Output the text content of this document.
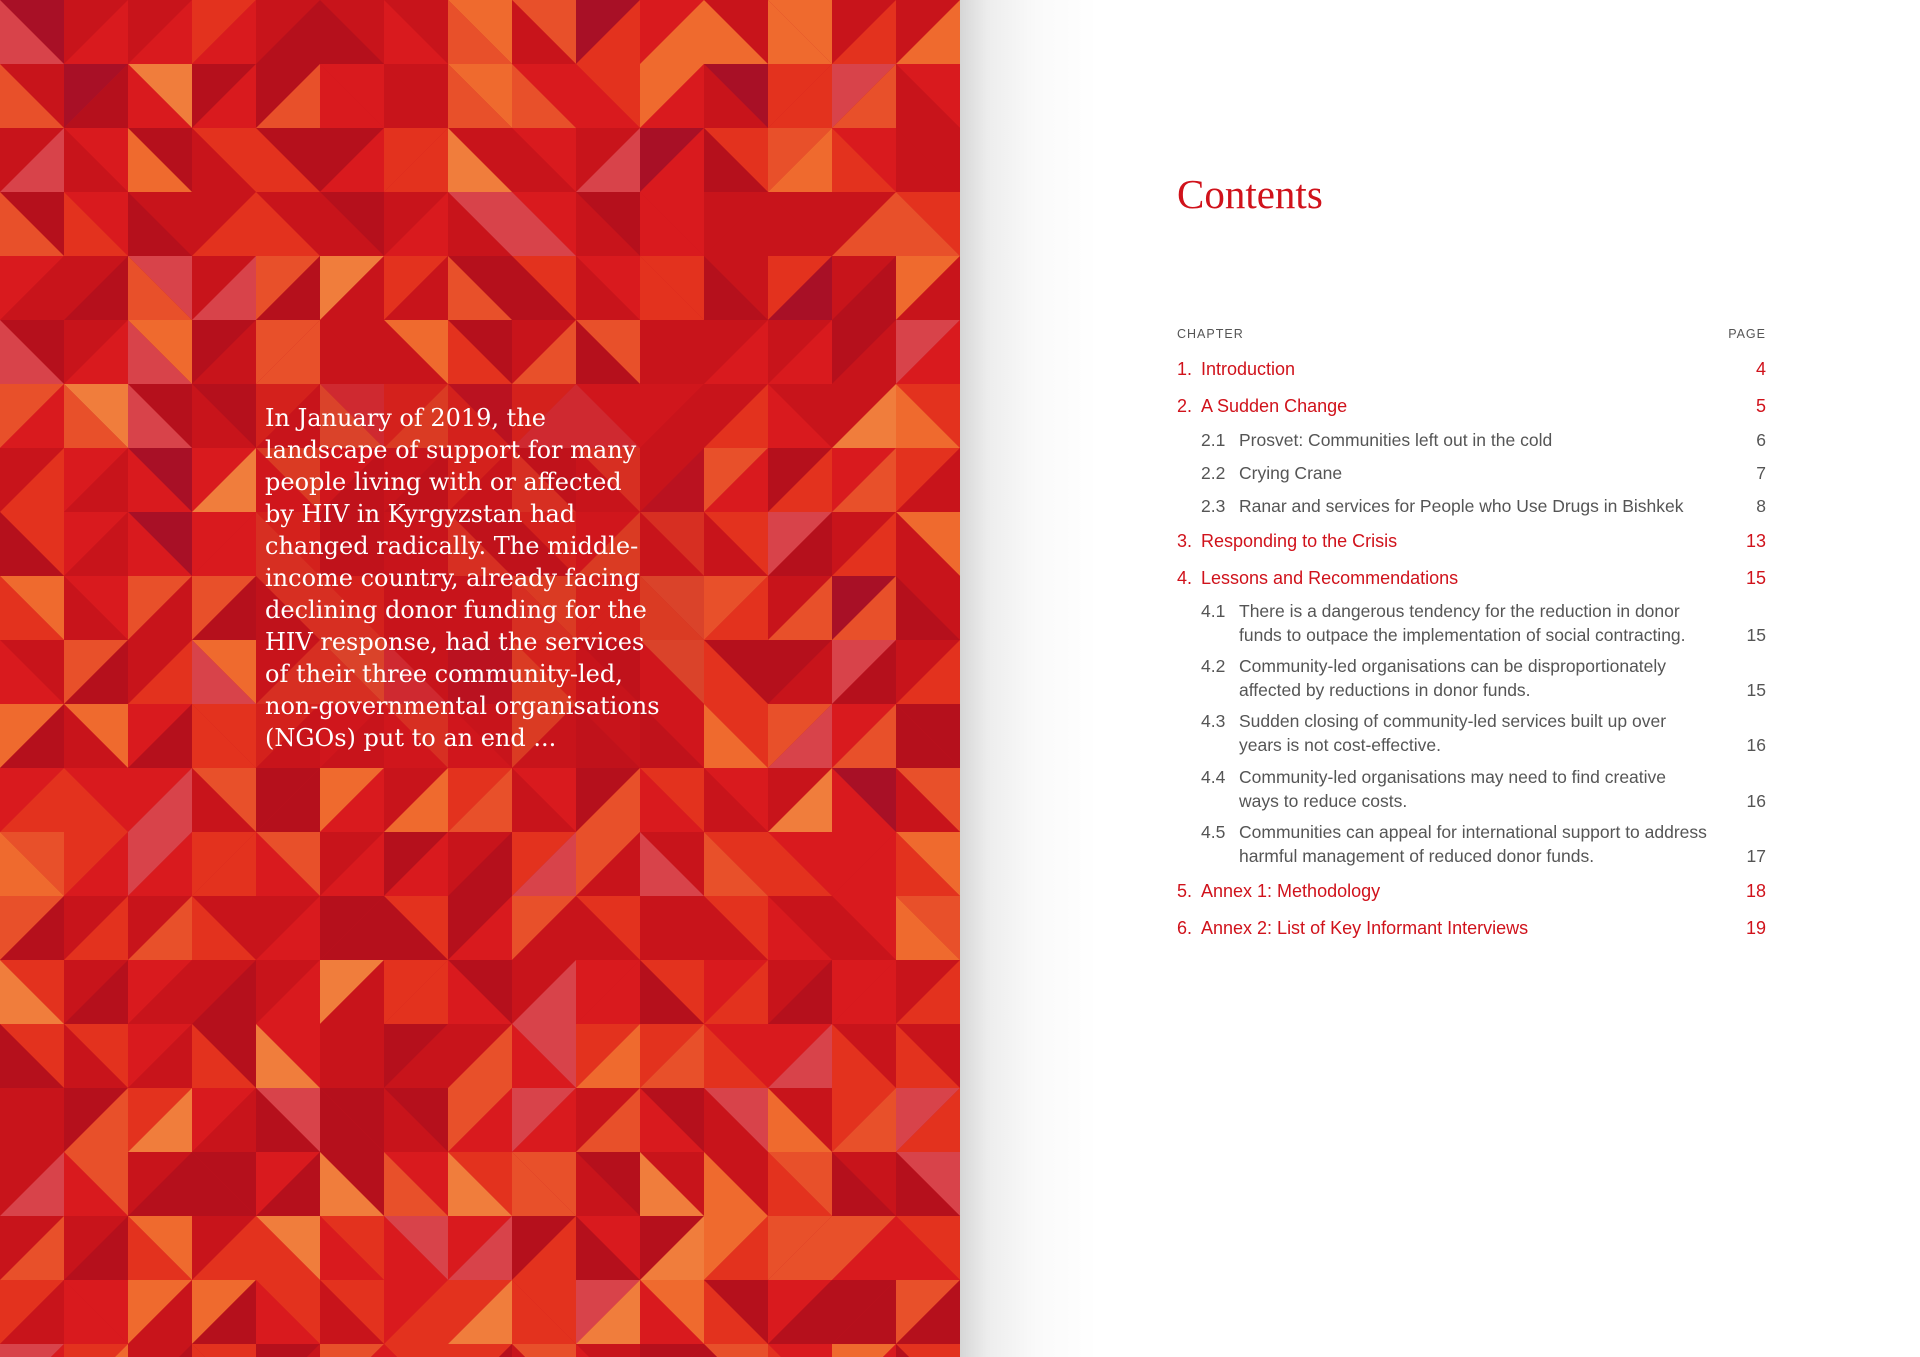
In January of 2019, the
landscape of support for many
people living with or affected
by HIV in Kyrgyzstan had
changed radically. The middle-
income country, already facing
declining donor funding for the
HIV response, had the services
of their three community-led,
non-governmental organisations
(NGOs) put to an end ...
Contents
CHAPTER	PAGE
1. Introduction	4
2. A Sudden Change	5
2.1 Prosvet: Communities left out in the cold	6
2.2 Crying Crane	7
2.3 Ranar and services for People who Use Drugs in Bishkek	8
3. Responding to the Crisis	13
4. Lessons and Recommendations	15
4.1 There is a dangerous tendency for the reduction in donor
funds to outpace the implementation of social contracting.	15
4.2 Community-led organisations can be disproportionately
affected by reductions in donor funds.	15
4.3 Sudden closing of community-led services built up over
years is not cost-effective.	16
4.4 Community-led organisations may need to find creative
ways to reduce costs.	16
4.5 Communities can appeal for international support to address
harmful management of reduced donor funds.	17
5. Annex 1: Methodology	18
6. Annex 2: List of Key Informant Interviews	19
